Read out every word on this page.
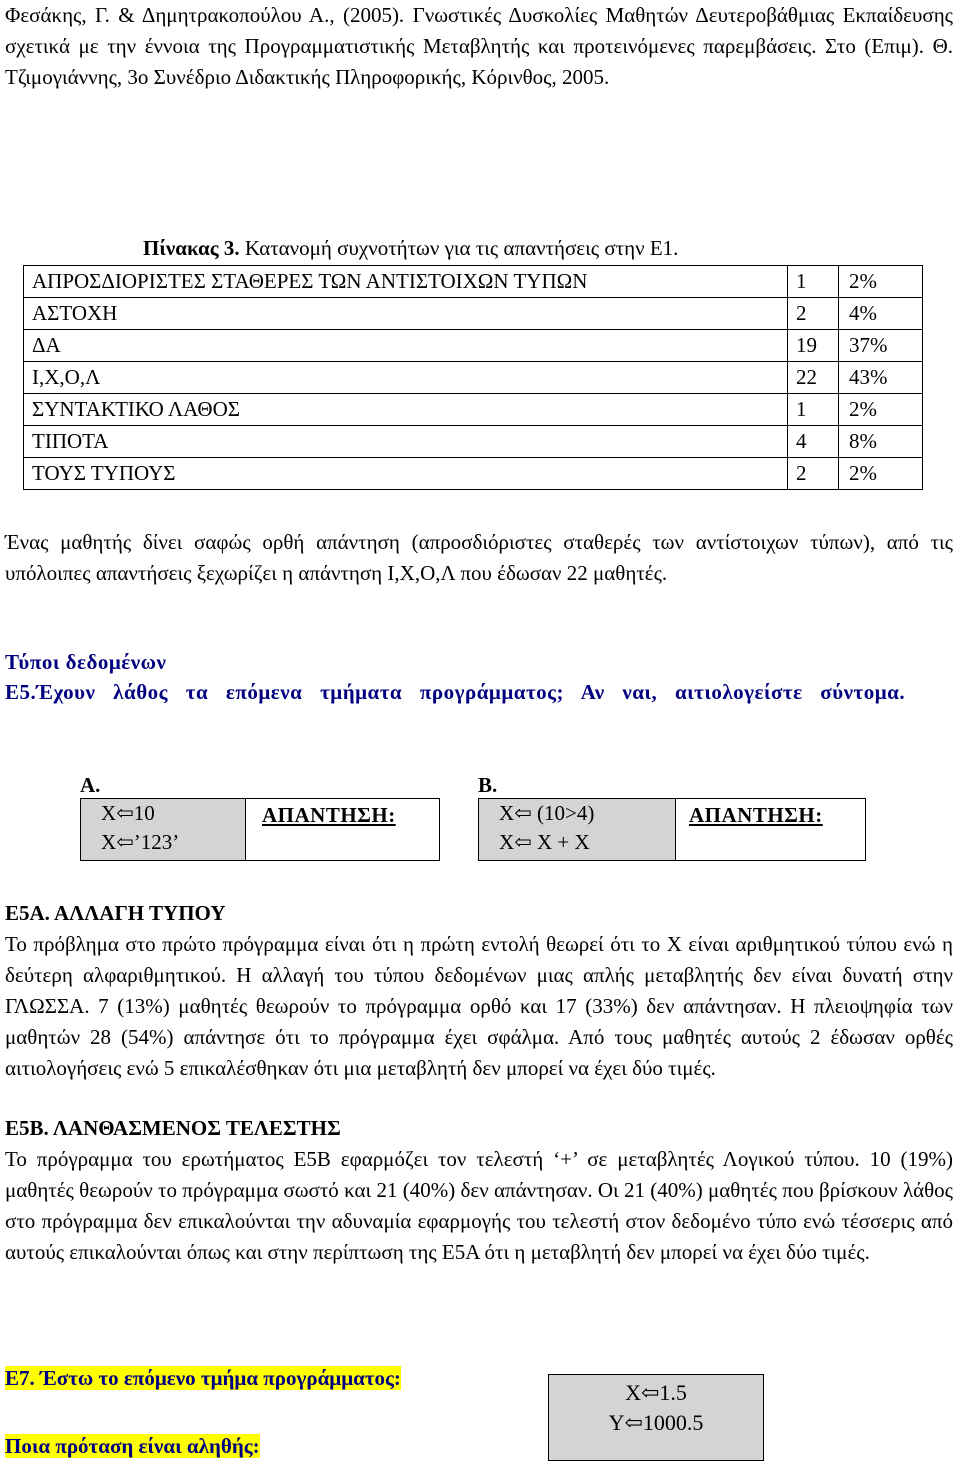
Φεσάκης, Γ. & Δημητρακοπούλου Α., (2005). Γνωστικές Δυσκολίες Μαθητών Δευτεροβάθμιας Εκπαίδευσης σχετικά με την έννοια της Προγραμματιστικής Μεταβλητής και προτεινόμενες παρεμβάσεις. Στο (Επιμ). Θ. Τζιμογιάννης, 3ο Συνέδριο Διδακτικής Πληροφορικής, Κόρινθος, 2005.
Πίνακας 3. Κατανομή συχνοτήτων για τις απαντήσεις στην Ε1.
ΑΠΡΟΣΔΙΟΡΙΣΤΕΣ ΣΤΑΘΕΡΕΣ ΤΩΝ ΑΝΤΙΣΤΟΙΧΩΝ ΤΥΠΩΝ	1	2%
ΑΣΤΟΧΗ	2	4%
ΔΑ	19	37%
Ι,Χ,Ο,Λ	22	43%
ΣΥΝΤΑΚΤΙΚΟ ΛΑΘΟΣ	1	2%
ΤΙΠΟΤΑ	4	8%
ΤΟΥΣ ΤΥΠΟΥΣ	2	2%
Ένας μαθητής δίνει σαφώς ορθή απάντηση (απροσδιόριστες σταθερές των αντίστοιχων τύπων), από τις υπόλοιπες απαντήσεις ξεχωρίζει η απάντηση Ι,Χ,Ο,Λ που έδωσαν 22 μαθητές.
Τύποι δεδομένων
Ε5.Έχουν λάθος τα επόμενα τμήματα προγράμματος; Αν ναι, αιτιολογείστε σύντομα.
Α.
Χ⇦10
Χ⇦’123’
ΑΠΑΝΤΗΣΗ:
Β.
Χ⇦ (10>4)
Χ⇦ Χ + Χ
ΑΠΑΝΤΗΣΗ:
Ε5Α. ΑΛΛΑΓΗ ΤΥΠΟΥ
Το πρόβλημα στο πρώτο πρόγραμμα είναι ότι η πρώτη εντολή θεωρεί ότι το Χ είναι αριθμητικού τύπου ενώ η δεύτερη αλφαριθμητικού. Η αλλαγή του τύπου δεδομένων μιας απλής μεταβλητής δεν είναι δυνατή στην ΓΛΩΣΣΑ. 7 (13%) μαθητές θεωρούν το πρόγραμμα ορθό και 17 (33%) δεν απάντησαν. Η πλειοψηφία των μαθητών 28 (54%) απάντησε ότι το πρόγραμμα έχει σφάλμα. Από τους μαθητές αυτούς 2 έδωσαν ορθές αιτιολογήσεις ενώ 5 επικαλέσθηκαν ότι μια μεταβλητή δεν μπορεί να έχει δύο τιμές.
Ε5Β. ΛΑΝΘΑΣΜΕΝΟΣ ΤΕΛΕΣΤΗΣ
Το πρόγραμμα του ερωτήματος Ε5Β εφαρμόζει τον τελεστή ‘+’ σε μεταβλητές Λογικού τύπου. 10 (19%) μαθητές θεωρούν το πρόγραμμα σωστό και 21 (40%) δεν απάντησαν. Οι 21 (40%) μαθητές που βρίσκουν λάθος στο πρόγραμμα δεν επικαλούνται την αδυναμία εφαρμογής του τελεστή στον δεδομένο τύπο ενώ τέσσερις από αυτούς επικαλούνται όπως και στην περίπτωση της Ε5Α ότι η μεταβλητή δεν μπορεί να έχει δύο τιμές.
Ε7. Έστω το επόμενο τμήμα προγράμματος:
Χ⇦1.5
Υ⇦1000.5
Ποια πρόταση είναι αληθής:
